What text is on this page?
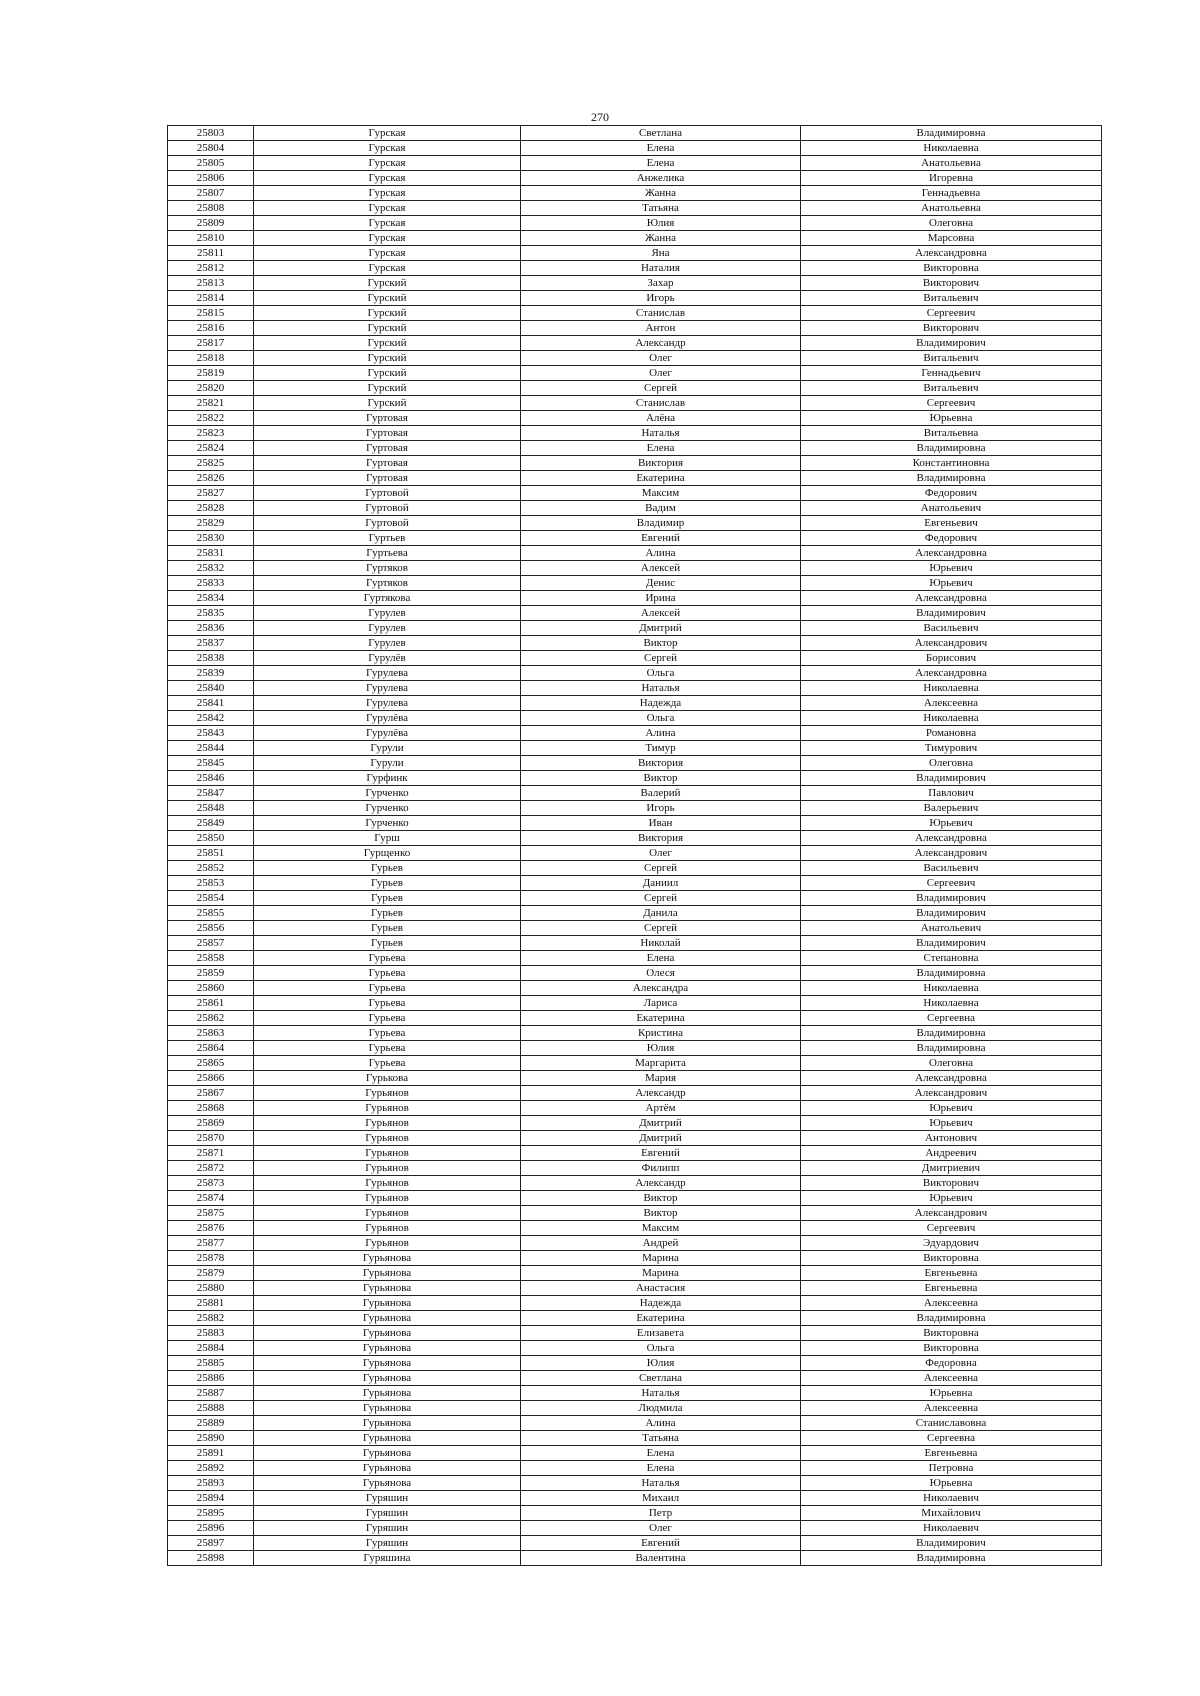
270
25803	Гурская	Светлана	Владимировна
25804	Гурская	Елена	Николаевна
25805	Гурская	Елена	Анатольевна
25806	Гурская	Анжелика	Игоревна
25807	Гурская	Жанна	Геннадьевна
25808	Гурская	Татьяна	Анатольевна
25809	Гурская	Юлия	Олеговна
25810	Гурская	Жанна	Марсовна
25811	Гурская	Яна	Александровна
25812	Гурская	Наталия	Викторовна
25813	Гурский	Захар	Викторович
25814	Гурский	Игорь	Витальевич
25815	Гурский	Станислав	Сергеевич
25816	Гурский	Антон	Викторович
25817	Гурский	Александр	Владимирович
25818	Гурский	Олег	Витальевич
25819	Гурский	Олег	Геннадьевич
25820	Гурский	Сергей	Витальевич
25821	Гурский	Станислав	Сергеевич
25822	Гуртовая	Алёна	Юрьевна
25823	Гуртовая	Наталья	Витальевна
25824	Гуртовая	Елена	Владимировна
25825	Гуртовая	Виктория	Константиновна
25826	Гуртовая	Екатерина	Владимировна
25827	Гуртовой	Максим	Федорович
25828	Гуртовой	Вадим	Анатольевич
25829	Гуртовой	Владимир	Евгеньевич
25830	Гуртьев	Евгений	Федорович
25831	Гуртьева	Алина	Александровна
25832	Гуртяков	Алексей	Юрьевич
25833	Гуртяков	Денис	Юрьевич
25834	Гуртякова	Ирина	Александровна
25835	Гурулев	Алексей	Владимирович
25836	Гурулев	Дмитрий	Васильевич
25837	Гурулев	Виктор	Александрович
25838	Гурулёв	Сергей	Борисович
25839	Гурулева	Ольга	Александровна
25840	Гурулева	Наталья	Николаевна
25841	Гурулева	Надежда	Алексеевна
25842	Гурулёва	Ольга	Николаевна
25843	Гурулёва	Алина	Романовна
25844	Гурули	Тимур	Тимурович
25845	Гурули	Виктория	Олеговна
25846	Гурфинк	Виктор	Владимирович
25847	Гурченко	Валерий	Павлович
25848	Гурченко	Игорь	Валерьевич
25849	Гурченко	Иван	Юрьевич
25850	Гурш	Виктория	Александровна
25851	Гурщенко	Олег	Александрович
25852	Гурьев	Сергей	Васильевич
25853	Гурьев	Даниил	Сергеевич
25854	Гурьев	Сергей	Владимирович
25855	Гурьев	Данила	Владимирович
25856	Гурьев	Сергей	Анатольевич
25857	Гурьев	Николай	Владимирович
25858	Гурьева	Елена	Степановна
25859	Гурьева	Олеся	Владимировна
25860	Гурьева	Александра	Николаевна
25861	Гурьева	Лариса	Николаевна
25862	Гурьева	Екатерина	Сергеевна
25863	Гурьева	Кристина	Владимировна
25864	Гурьева	Юлия	Владимировна
25865	Гурьева	Маргарита	Олеговна
25866	Гурькова	Мария	Александровна
25867	Гурьянов	Александр	Александрович
25868	Гурьянов	Артём	Юрьевич
25869	Гурьянов	Дмитрий	Юрьевич
25870	Гурьянов	Дмитрий	Антонович
25871	Гурьянов	Евгений	Андреевич
25872	Гурьянов	Филипп	Дмитриевич
25873	Гурьянов	Александр	Викторович
25874	Гурьянов	Виктор	Юрьевич
25875	Гурьянов	Виктор	Александрович
25876	Гурьянов	Максим	Сергеевич
25877	Гурьянов	Андрей	Эдуардович
25878	Гурьянова	Марина	Викторовна
25879	Гурьянова	Марина	Евгеньевна
25880	Гурьянова	Анастасия	Евгеньевна
25881	Гурьянова	Надежда	Алексеевна
25882	Гурьянова	Екатерина	Владимировна
25883	Гурьянова	Елизавета	Викторовна
25884	Гурьянова	Ольга	Викторовна
25885	Гурьянова	Юлия	Федоровна
25886	Гурьянова	Светлана	Алексеевна
25887	Гурьянова	Наталья	Юрьевна
25888	Гурьянова	Людмила	Алексеевна
25889	Гурьянова	Алина	Станиславовна
25890	Гурьянова	Татьяна	Сергеевна
25891	Гурьянова	Елена	Евгеньевна
25892	Гурьянова	Елена	Петровна
25893	Гурьянова	Наталья	Юрьевна
25894	Гуряшин	Михаил	Николаевич
25895	Гуряшин	Петр	Михайлович
25896	Гуряшин	Олег	Николаевич
25897	Гуряшин	Евгений	Владимирович
25898	Гуряшина	Валентина	Владимировна
